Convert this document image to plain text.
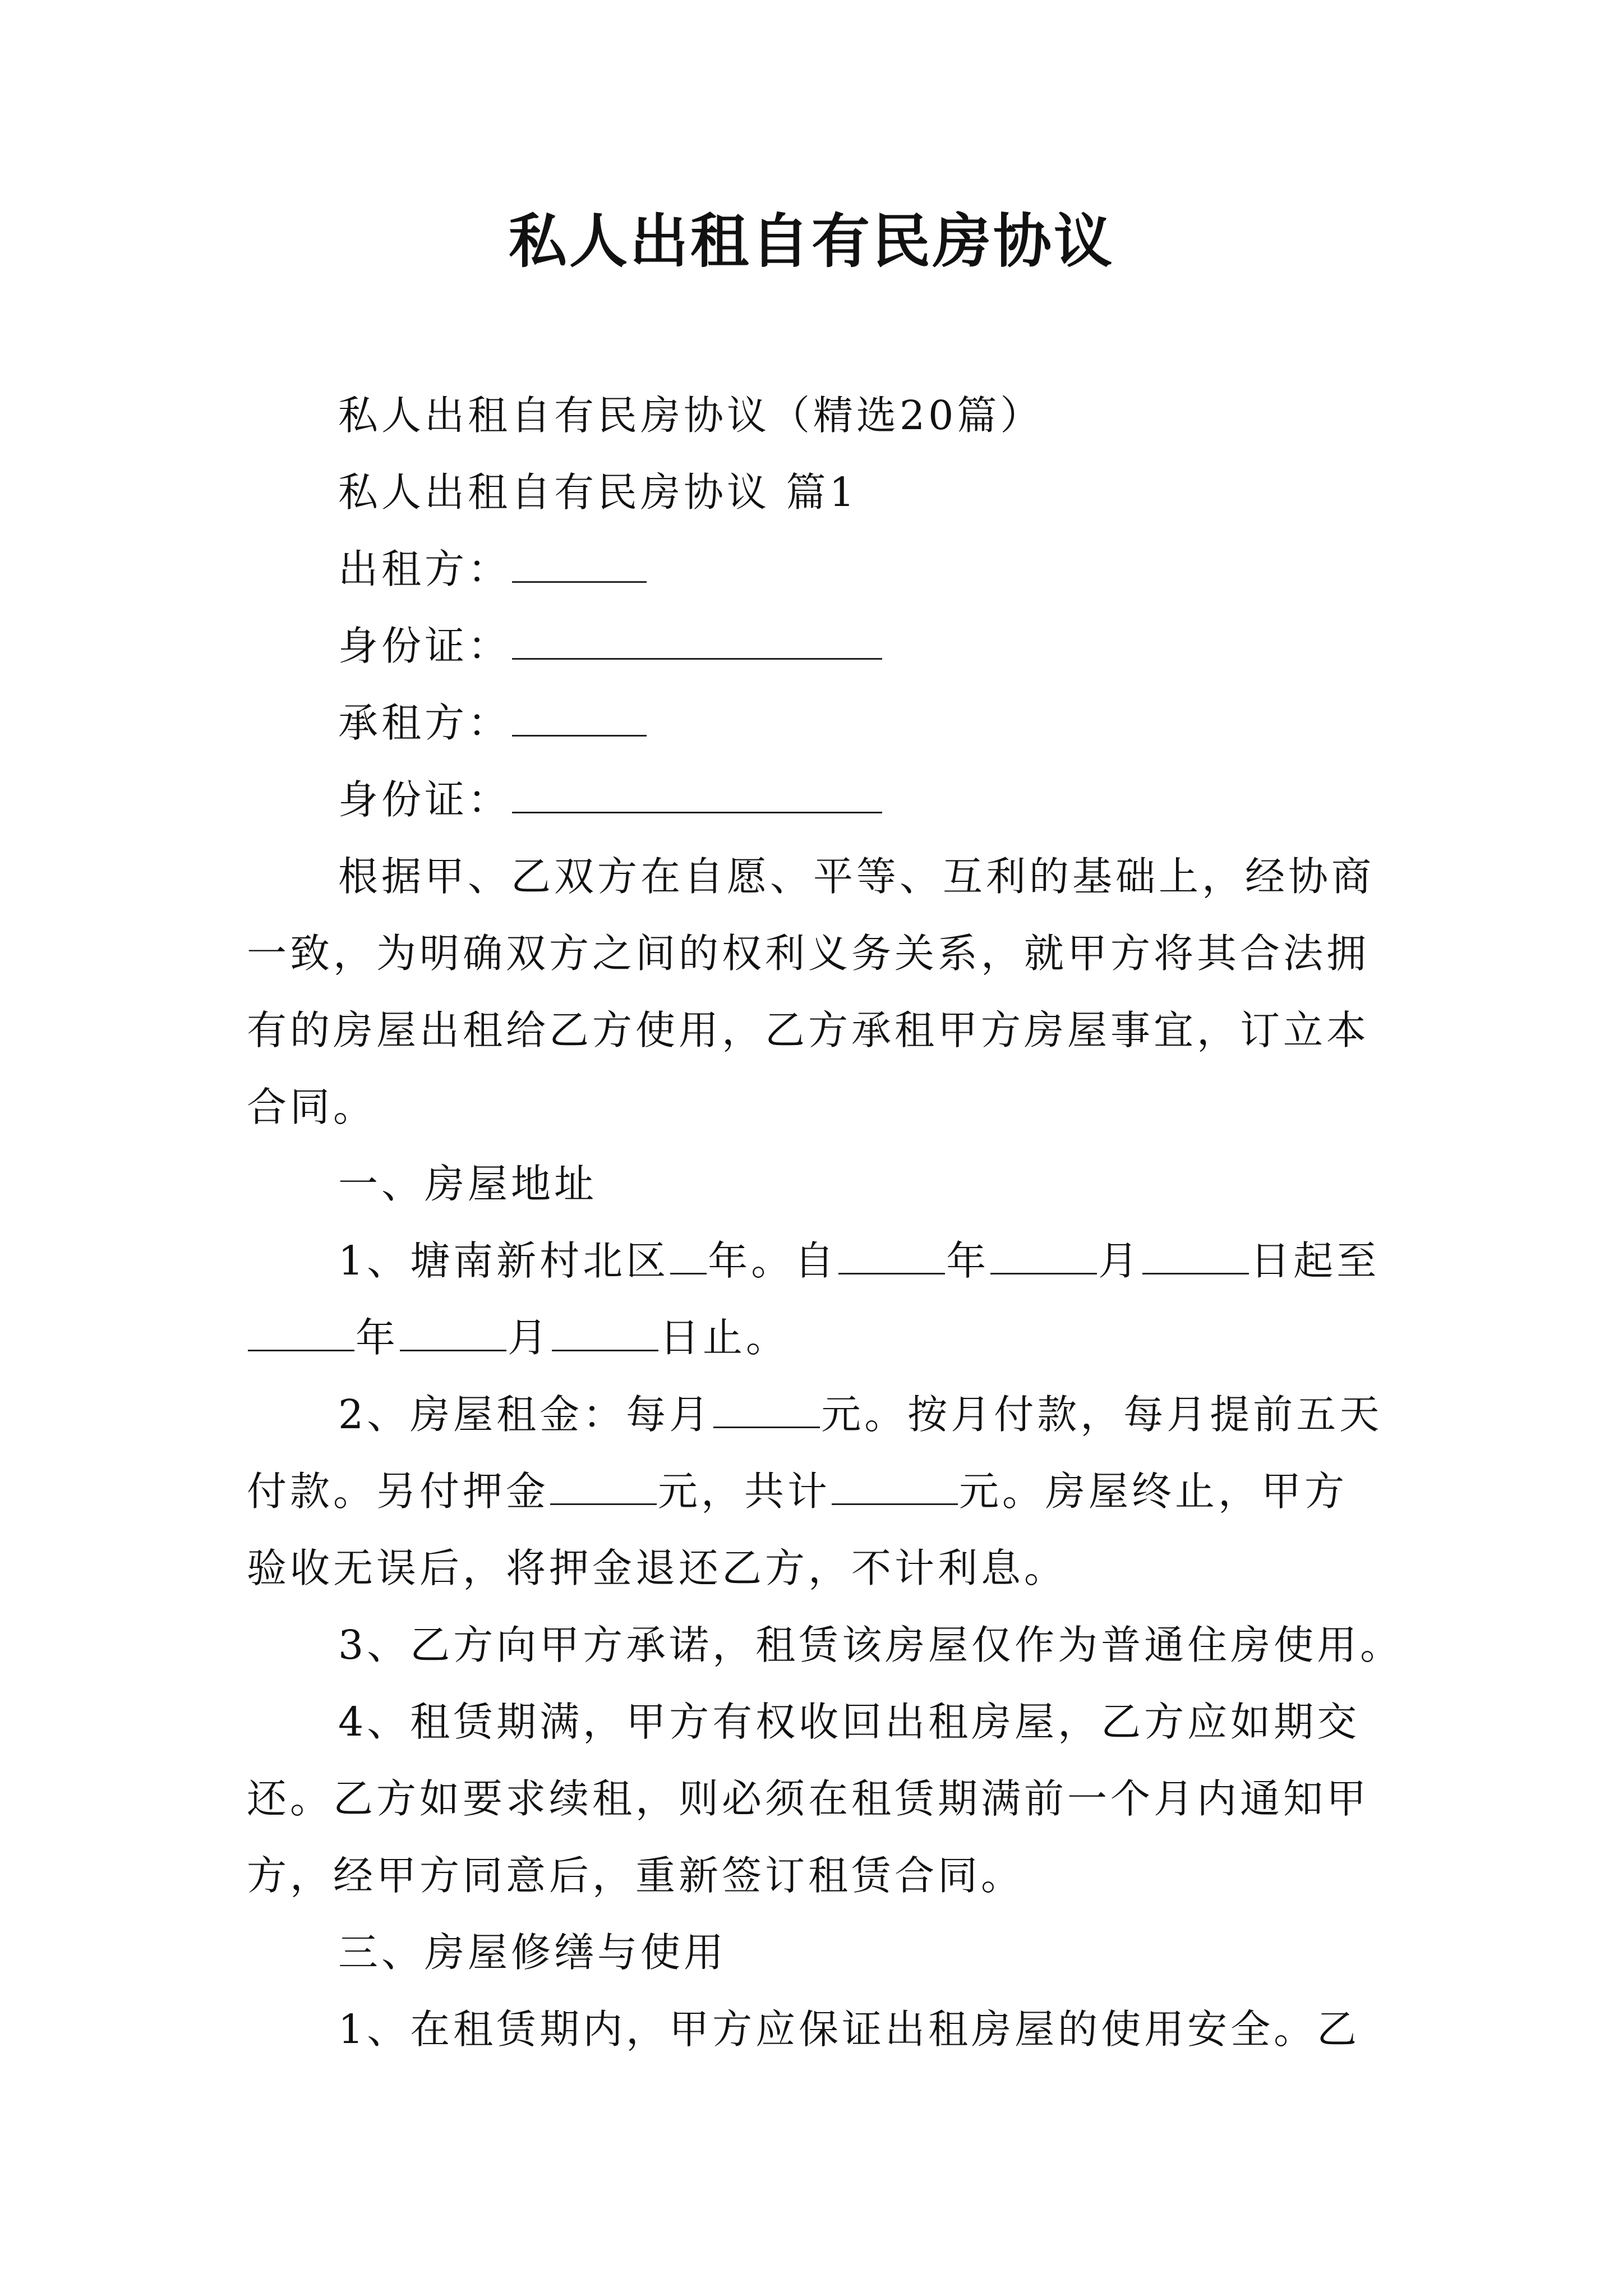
私人出租自有民房协议
私人出租自有民房协议（精选20篇）
私人出租自有民房协议 篇1
出租方：
身份证：
承租方：
身份证：
根据甲、乙双方在自愿、平等、互利的基础上，经协商
一致，为明确双方之间的权利义务关系，就甲方将其合法拥
有的房屋出租给乙方使用，乙方承租甲方房屋事宜，订立本
合同。
一、房屋地址
1、塘南新村北区 年。自	年	月	日起至
年	月	日止。
2、房屋租金：每月	元。按月付款，每月提前五天
付款。另付押金	元，共计	元。房屋终止，甲方
验收无误后，将押金退还乙方，不计利息。
3、乙方向甲方承诺，租赁该房屋仅作为普通住房使用。
4、租赁期满，甲方有权收回出租房屋，乙方应如期交
还。乙方如要求续租，则必须在租赁期满前一个月内通知甲
方，经甲方同意后，重新签订租赁合同。
三、房屋修缮与使用
1、在租赁期内，甲方应保证出租房屋的使用安全。乙
